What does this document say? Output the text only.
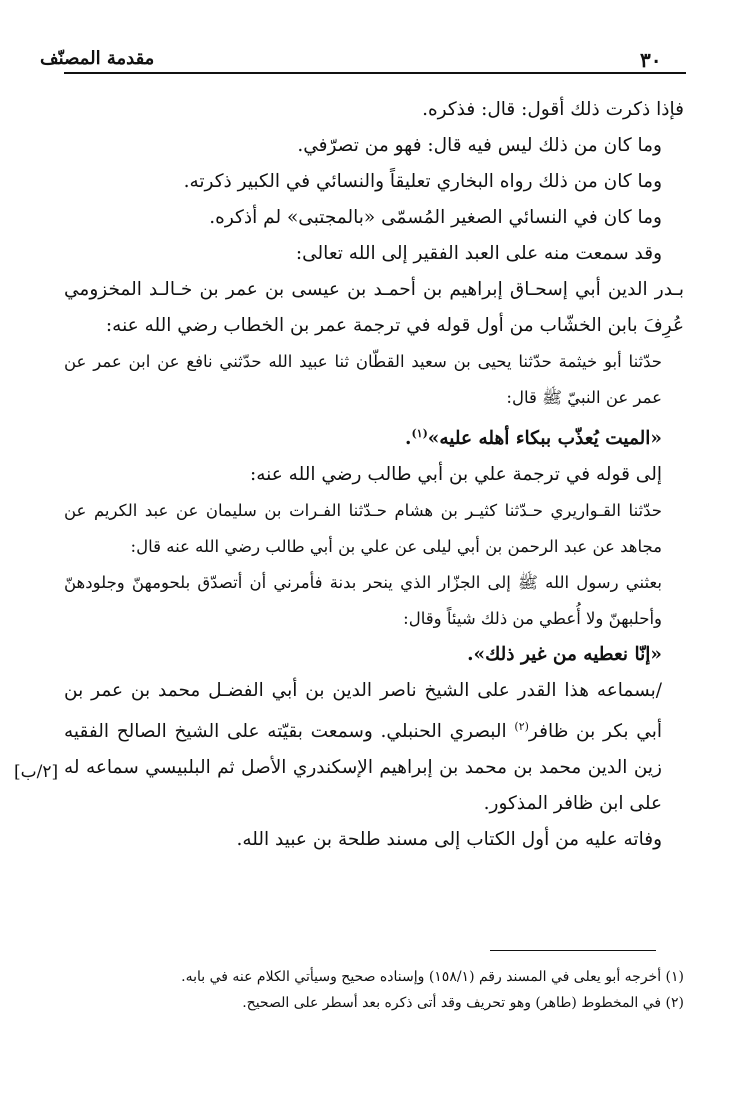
٣٠
مقدمة المصنّف
[٢/ب]

فإذا ذكرت ذلك أقول: قال: فذكره.

وما كان من ذلك ليس فيه قال: فهو من تصرّفي.

وما كان من ذلك رواه البخاري تعليقاً والنسائي في الكبير ذكرته.

وما كان في النسائي الصغير المُسمّى «بالمجتبى» لم أذكره.

وقد سمعت منه على العبد الفقير إلى الله تعالى:

بـدر الدين أبي إسحـاق إبراهيم بن أحمـد بن عيسى بن عمر بن خـالـد المخزومي عُرِفَ بابن الخشّاب من أول قوله في ترجمة عمر بن الخطاب رضي الله عنه:

حدّثنا أبو خيثمة حدّثنا يحيى بن سعيد القطّان ثنا عبيد الله حدّثني نافع عن ابن عمر عن عمر عن النبيّ ﷺ قال:

«الميت يُعذّب ببكاء أهله عليه»$^{(١)}$.

إلى قوله في ترجمة علي بن أبي طالب رضي الله عنه:

حدّثنا القـواريري حـدّثنا كثيـر بن هشام حـدّثنا الفـرات بن سليمان عن عبد الكريم عن مجاهد عن عبد الرحمن بن أبي ليلى عن علي بن أبي طالب رضي الله عنه قال:

بعثني رسول الله ﷺ إلى الجزّار الذي ينحر بدنة فأمرني أن أتصدّق بلحومهنّ وجلودهنّ وأحلبهنّ ولا أُعطي من ذلك شيئاً وقال:

«إنّا نعطيه من غير ذلك».

/بسماعه هذا القدر على الشيخ ناصر الدين بن أبي الفضـل محمد بن عمر بن أبي بكر بن ظافر$^{(٢)}$ البصري الحنبلي. وسمعت بقيّته على الشيخ الصالح الفقيه زين الدين محمد بن محمد بن إبراهيم الإسكندري الأصل ثم البلبيسي سماعه له على ابن ظافر المذكور.

وفاته عليه من أول الكتاب إلى مسند طلحة بن عبيد الله.

(١) أخرجه أبو يعلى في المسند رقم (١٥٨/١) وإسناده صحيح وسيأتي الكلام عنه في بابه.

(٢) في المخطوط (طاهر) وهو تحريف وقد أتى ذكره بعد أسطر على الصحيح.
